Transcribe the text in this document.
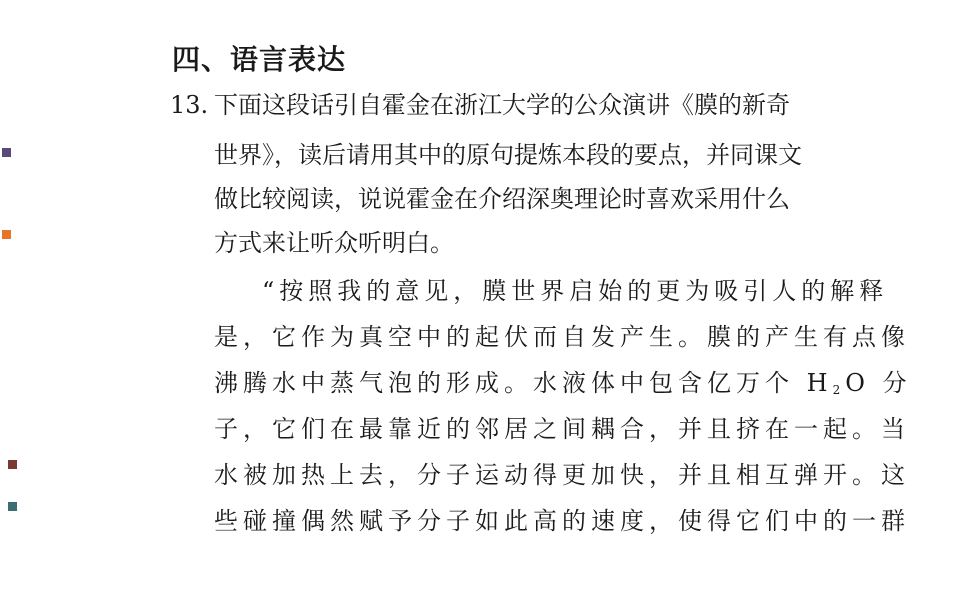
四、语言表达
13. 下面这段话引自霍金在浙江大学的公众演讲《膜的新奇

世界》，读后请用其中的原句提炼本段的要点，并同课文

做比较阅读，说说霍金在介绍深奥理论时喜欢采用什么

方式来让听众听明白。

“按照我的意见，膜世界启始的更为吸引人的解释

是，它作为真空中的起伏而自发产生。膜的产生有点像

沸腾水中蒸气泡的形成。水液体中包含亿万个 $H_2O$ 分

子，它们在最靠近的邻居之间耦合，并且挤在一起。当

水被加热上去，分子运动得更加快，并且相互弹开。这

些碰撞偶然赋予分子如此高的速度，使得它们中的一群
